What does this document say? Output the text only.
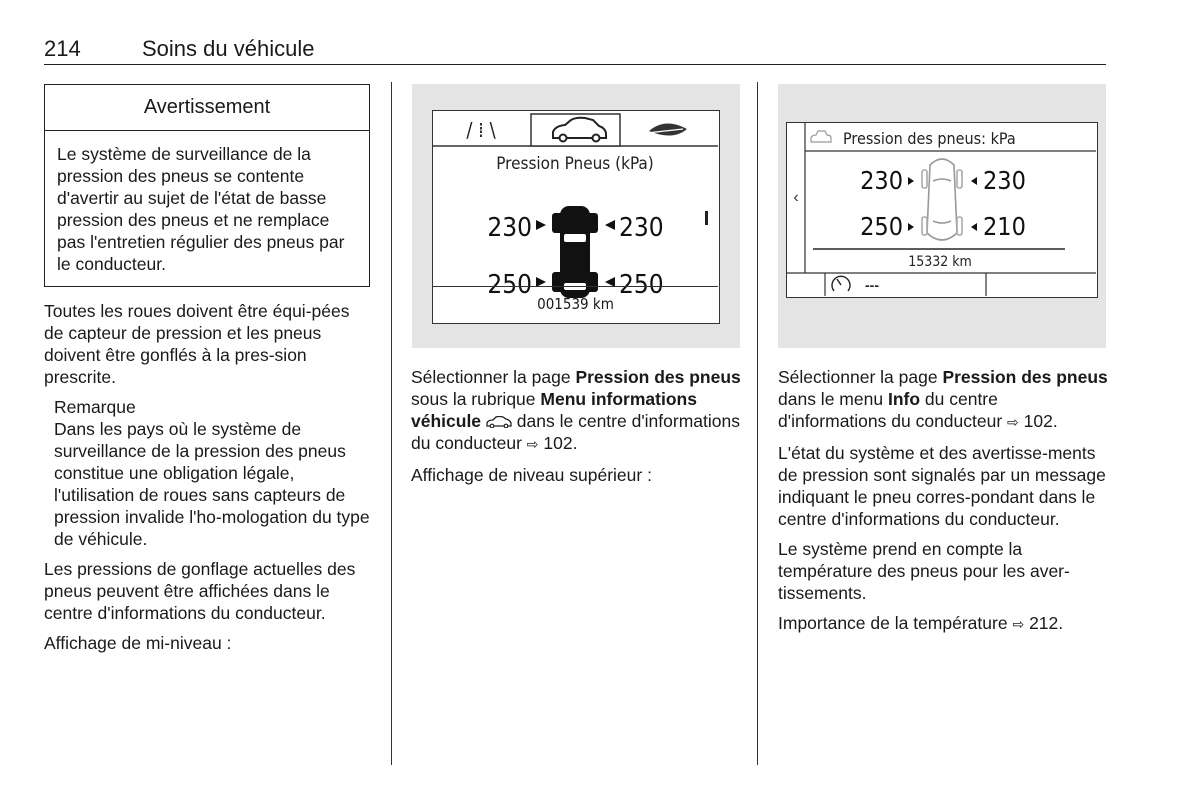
214	Soins du véhicule
Avertissement
Le système de surveillance de la pression des pneus se contente d'avertir au sujet de l'état de basse pression des pneus et ne remplace pas l'entretien régulier des pneus par le conducteur.

Toutes les roues doivent être équi-pées de capteur de pression et les pneus doivent être gonflés à la pres-sion prescrite.

Remarque
Dans les pays où le système de surveillance de la pression des pneus constitue une obligation légale, l'utilisation de roues sans capteurs de pression invalide l'ho-mologation du type de véhicule.

Les pressions de gonflage actuelles des pneus peuvent être affichées dans le centre d'informations du conducteur.

Affichage de mi-niveau :

/ ⁞ \
Pression Pneus (kPa)
230	230
250	250
001539 km

Sélectionner la page Pression des pneus sous la rubrique Menu informations véhicule dans le centre d'informations du conducteur ⇨ 102.

Affichage de niveau supérieur :

‹
Pression des pneus: kPa
230	230
250	210
15332 km
---

Sélectionner la page Pression des pneus dans le menu Info du centre d'informations du conducteur ⇨ 102.

L'état du système et des avertisse-ments de pression sont signalés par un message indiquant le pneu corres-pondant dans le centre d'informations du conducteur.

Le système prend en compte la température des pneus pour les aver-tissements.

Importance de la température ⇨ 212.
